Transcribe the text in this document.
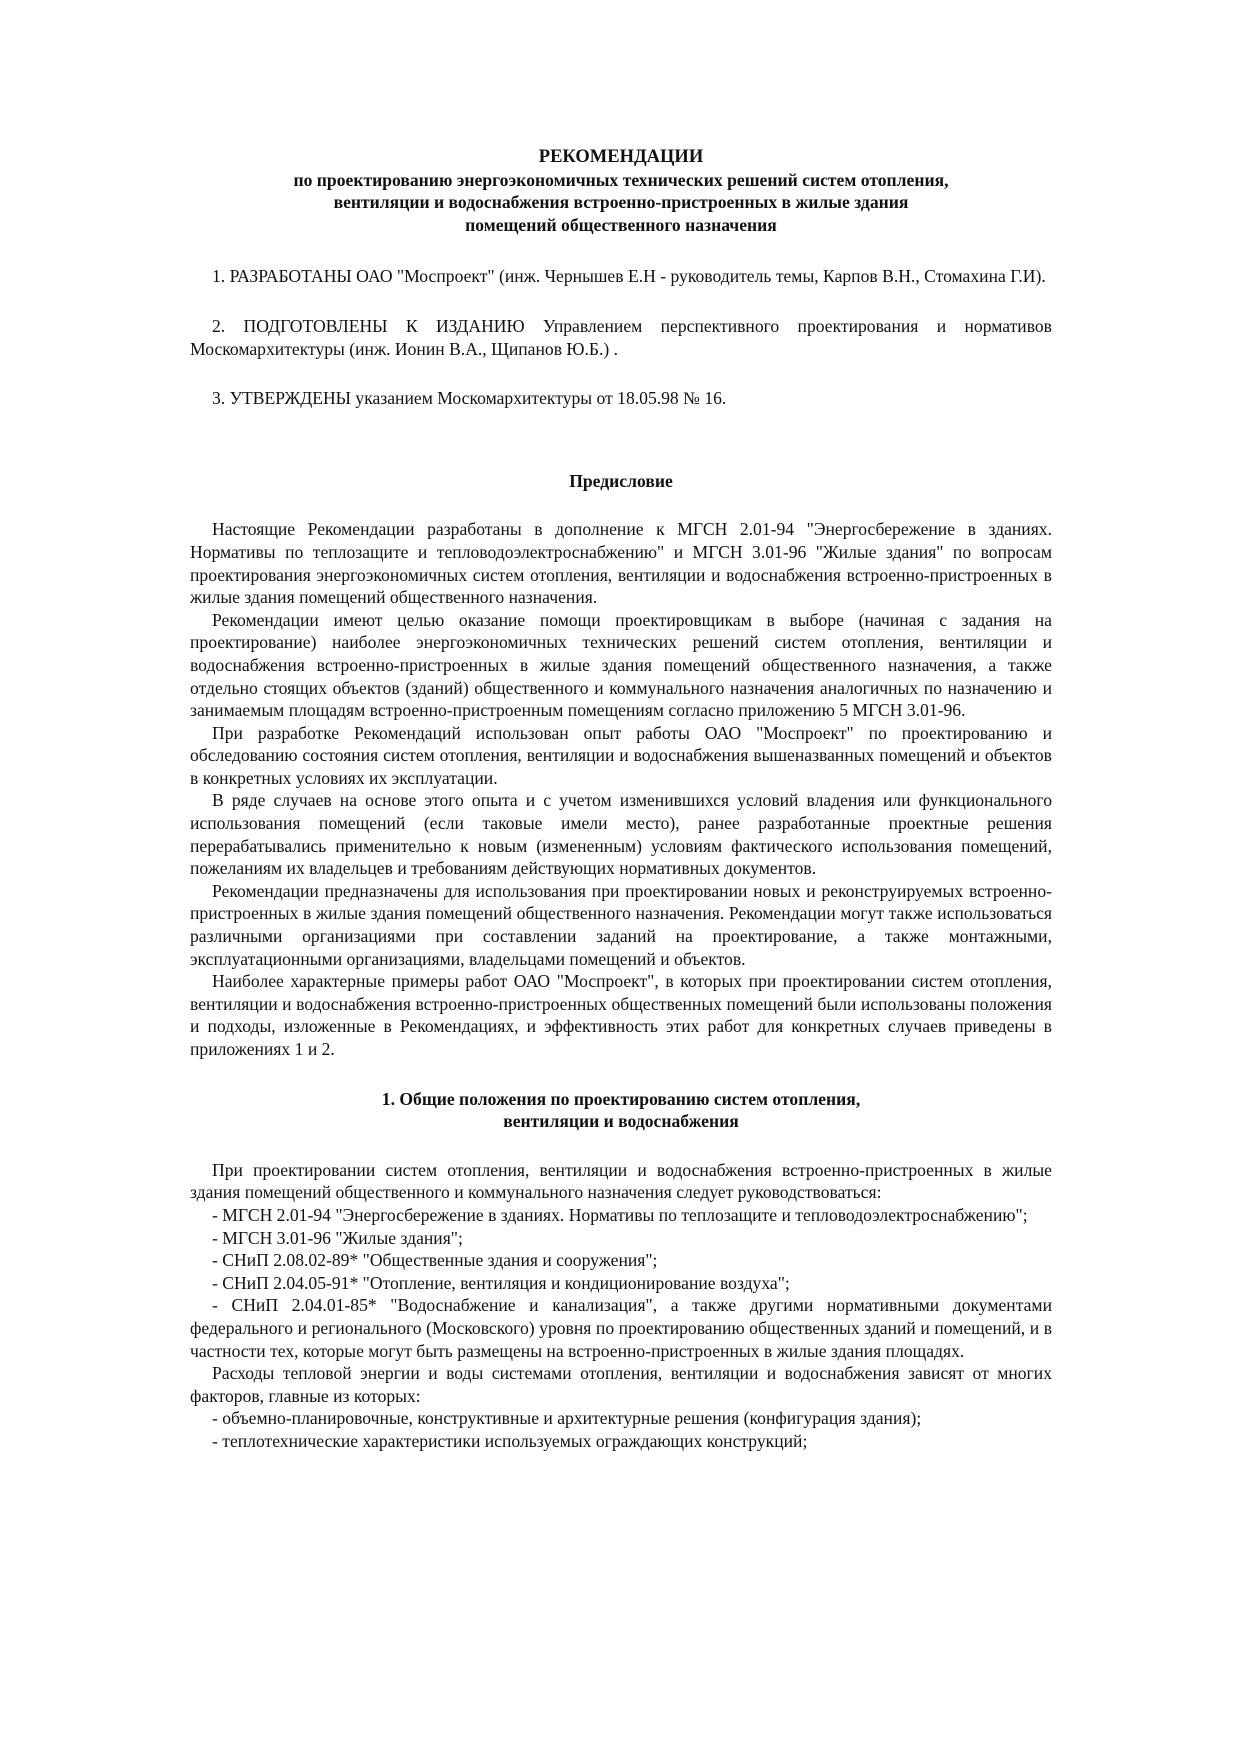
РЕКОМЕНДАЦИИ
по проектированию энергоэкономичных технических решений систем отопления,
вентиляции и водоснабжения встроенно-пристроенных в жилые здания
помещений общественного назначения

1. РАЗРАБОТАНЫ ОАО "Моспроект" (инж. Чернышев Е.Н - руководитель темы, Карпов В.Н., Стомахина Г.И).

2. ПОДГОТОВЛЕНЫ К ИЗДАНИЮ Управлением перспективного проектирования и нормативов Москомархитектуры (инж. Ионин В.А., Щипанов Ю.Б.) .

3. УТВЕРЖДЕНЫ указанием Москомархитектуры от 18.05.98 № 16.

Предисловие

Настоящие Рекомендации разработаны в дополнение к МГСН 2.01-94 "Энергосбережение в зданиях. Нормативы по теплозащите и тепловодоэлектроснабжению" и МГСН 3.01-96 "Жилые здания" по вопросам проектирования энергоэкономичных систем отопления, вентиляции и водоснабжения встроенно-пристроенных в жилые здания помещений общественного назначения.

Рекомендации имеют целью оказание помощи проектировщикам в выборе (начиная с задания на проектирование) наиболее энергоэкономичных технических решений систем отопления, вентиляции и водоснабжения встроенно-пристроенных в жилые здания помещений общественного назначения, а также отдельно стоящих объектов (зданий) общественного и коммунального назначения аналогичных по назначению и занимаемым площадям встроенно-пристроенным помещениям согласно приложению 5 МГСН 3.01-96.

При разработке Рекомендаций использован опыт работы ОАО "Моспроект" по проектированию и обследованию состояния систем отопления, вентиляции и водоснабжения вышеназванных помещений и объектов в конкретных условиях их эксплуатации.

В ряде случаев на основе этого опыта и с учетом изменившихся условий владения или функционального использования помещений (если таковые имели место), ранее разработанные проектные решения перерабатывались применительно к новым (измененным) условиям фактического использования помещений, пожеланиям их владельцев и требованиям действующих нормативных документов.

Рекомендации предназначены для использования при проектировании новых и реконструируемых встроенно-пристроенных в жилые здания помещений общественного назначения. Рекомендации могут также использоваться различными организациями при составлении заданий на проектирование, а также монтажными, эксплуатационными организациями, владельцами помещений и объектов.

Наиболее характерные примеры работ ОАО "Моспроект", в которых при проектировании систем отопления, вентиляции и водоснабжения встроенно-пристроенных общественных помещений были использованы положения и подходы, изложенные в Рекомендациях, и эффективность этих работ для конкретных случаев приведены в приложениях 1 и 2.

1. Общие положения по проектированию систем отопления,
вентиляции и водоснабжения

При проектировании систем отопления, вентиляции и водоснабжения встроенно-пристроенных в жилые здания помещений общественного и коммунального назначения следует руководствоваться:

- МГСН 2.01-94 "Энергосбережение в зданиях. Нормативы по теплозащите и тепловодоэлектроснабжению";

- МГСН 3.01-96 "Жилые здания";

- СНиП 2.08.02-89* "Общественные здания и сооружения";

- СНиП 2.04.05-91* "Отопление, вентиляция и кондиционирование воздуха";

- СНиП 2.04.01-85* "Водоснабжение и канализация", а также другими нормативными документами федерального и регионального (Московского) уровня по проектированию общественных зданий и помещений, и в частности тех, которые могут быть размещены на встроенно-пристроенных в жилые здания площадях.

Расходы тепловой энергии и воды системами отопления, вентиляции и водоснабжения зависят от многих факторов, главные из которых:

- объемно-планировочные, конструктивные и архитектурные решения (конфигурация здания);

- теплотехнические характеристики используемых ограждающих конструкций;
